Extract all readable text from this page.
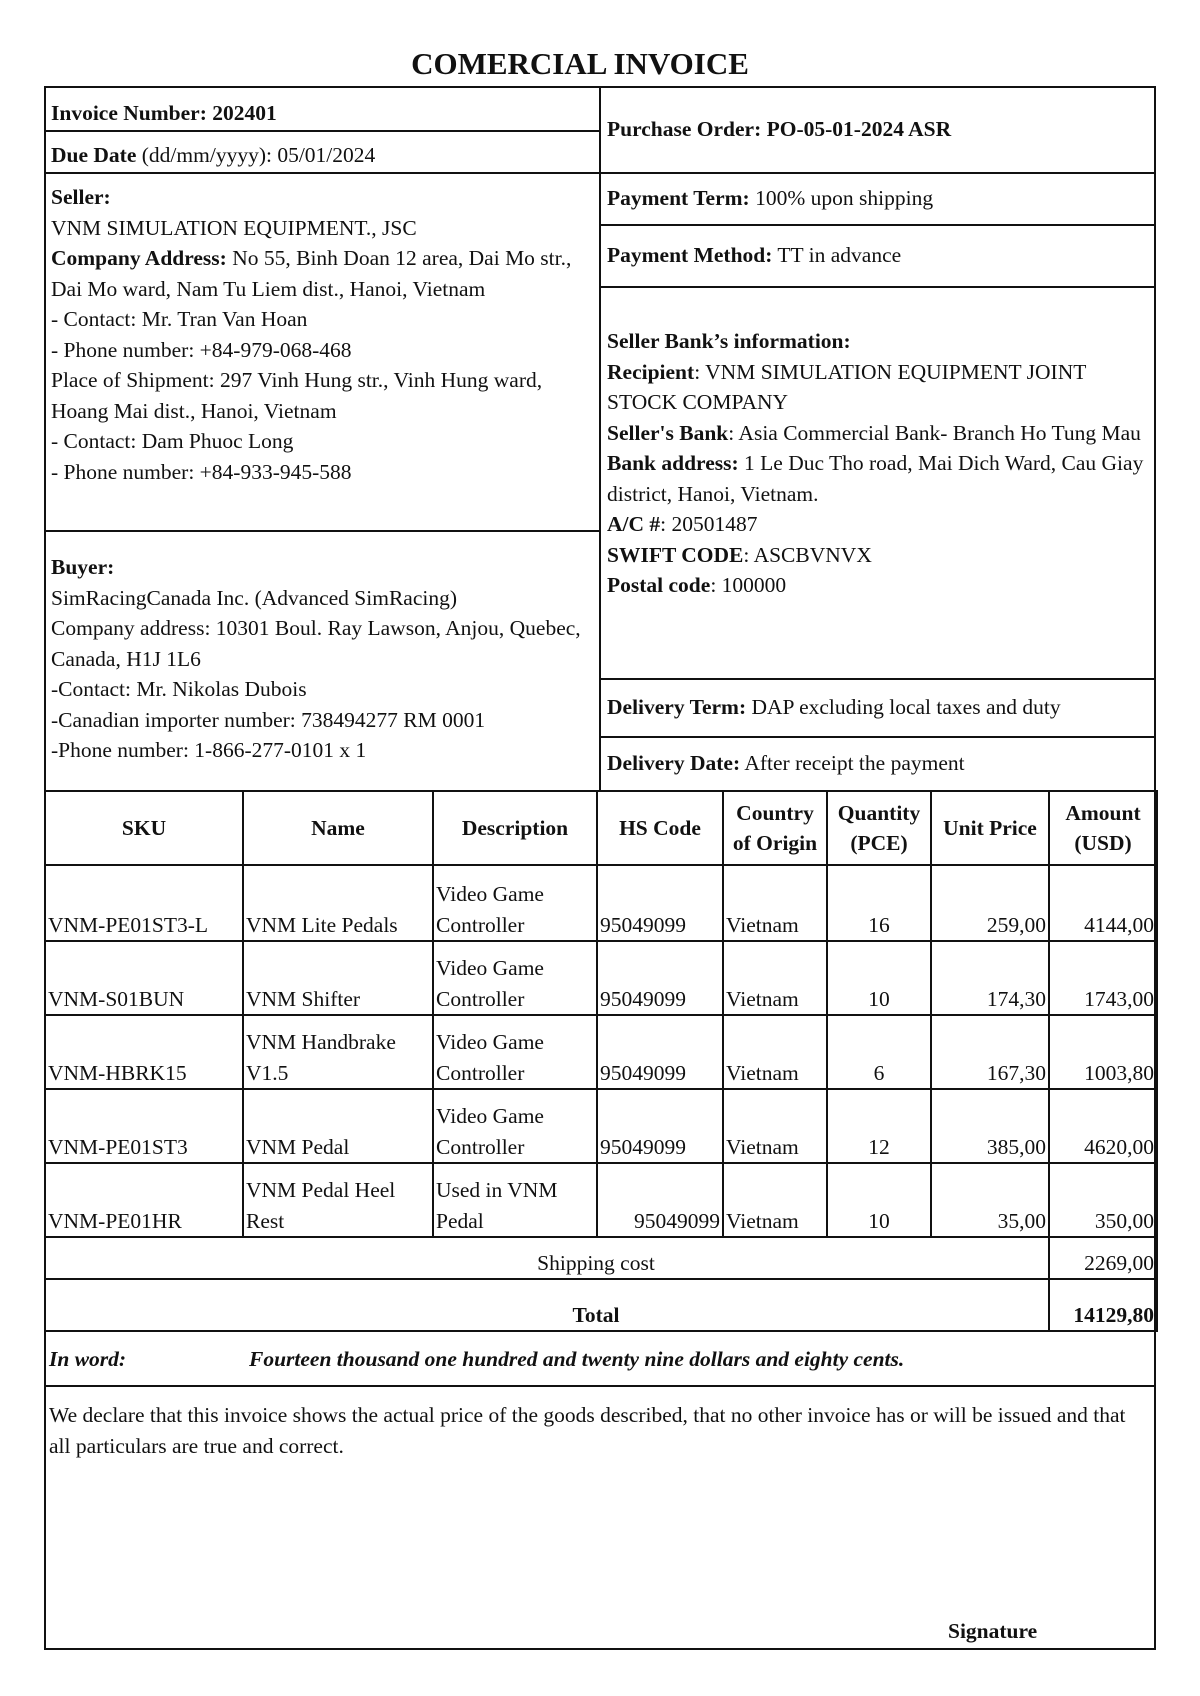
COMERCIAL INVOICE
Invoice Number: 202401
Due Date (dd/mm/yyyy): 05/01/2024
Purchase Order: PO-05-01-2024 ASR
Seller:
VNM SIMULATION EQUIPMENT., JSC
Company Address: No 55, Binh Doan 12 area, Dai Mo str., Dai Mo ward, Nam Tu Liem dist., Hanoi, Vietnam
- Contact: Mr. Tran Van Hoan
- Phone number: +84-979-068-468
Place of Shipment: 297 Vinh Hung str., Vinh Hung ward, Hoang Mai dist., Hanoi, Vietnam
- Contact: Dam Phuoc Long
- Phone number: +84-933-945-588
Buyer:
SimRacingCanada Inc. (Advanced SimRacing)
Company address: 10301 Boul. Ray Lawson, Anjou, Quebec, Canada, H1J 1L6
-Contact: Mr. Nikolas Dubois
-Canadian importer number: 738494277 RM 0001
-Phone number: 1-866-277-0101 x 1
Payment Term: 100% upon shipping
Payment Method: TT in advance
Seller Bank’s information:
Recipient: VNM SIMULATION EQUIPMENT JOINT STOCK COMPANY
Seller's Bank: Asia Commercial Bank- Branch Ho Tung Mau
Bank address: 1 Le Duc Tho road, Mai Dich Ward, Cau Giay district, Hanoi, Vietnam.
A/C #: 20501487
SWIFT CODE: ASCBVNVX
Postal code: 100000
Delivery Term: DAP excluding local taxes and duty
Delivery Date: After receipt the payment
SKU	Name	Description	HS Code	Country of Origin	Quantity (PCE)	Unit Price	Amount (USD)
VNM-PE01ST3-L	VNM Lite Pedals	Video Game Controller	95049099	Vietnam	16	259,00	4144,00
VNM-S01BUN	VNM Shifter	Video Game Controller	95049099	Vietnam	10	174,30	1743,00
VNM-HBRK15	VNM Handbrake V1.5	Video Game Controller	95049099	Vietnam	6	167,30	1003,80
VNM-PE01ST3	VNM Pedal	Video Game Controller	95049099	Vietnam	12	385,00	4620,00
VNM-PE01HR	VNM Pedal Heel Rest	Used in VNM Pedal	95049099	Vietnam	10	35,00	350,00
Shipping cost							2269,00
Total							14129,80
In word:	Fourteen thousand one hundred and twenty nine dollars and eighty cents.
We declare that this invoice shows the actual price of the goods described, that no other invoice has or will be issued and that all particulars are true and correct.
Signature
